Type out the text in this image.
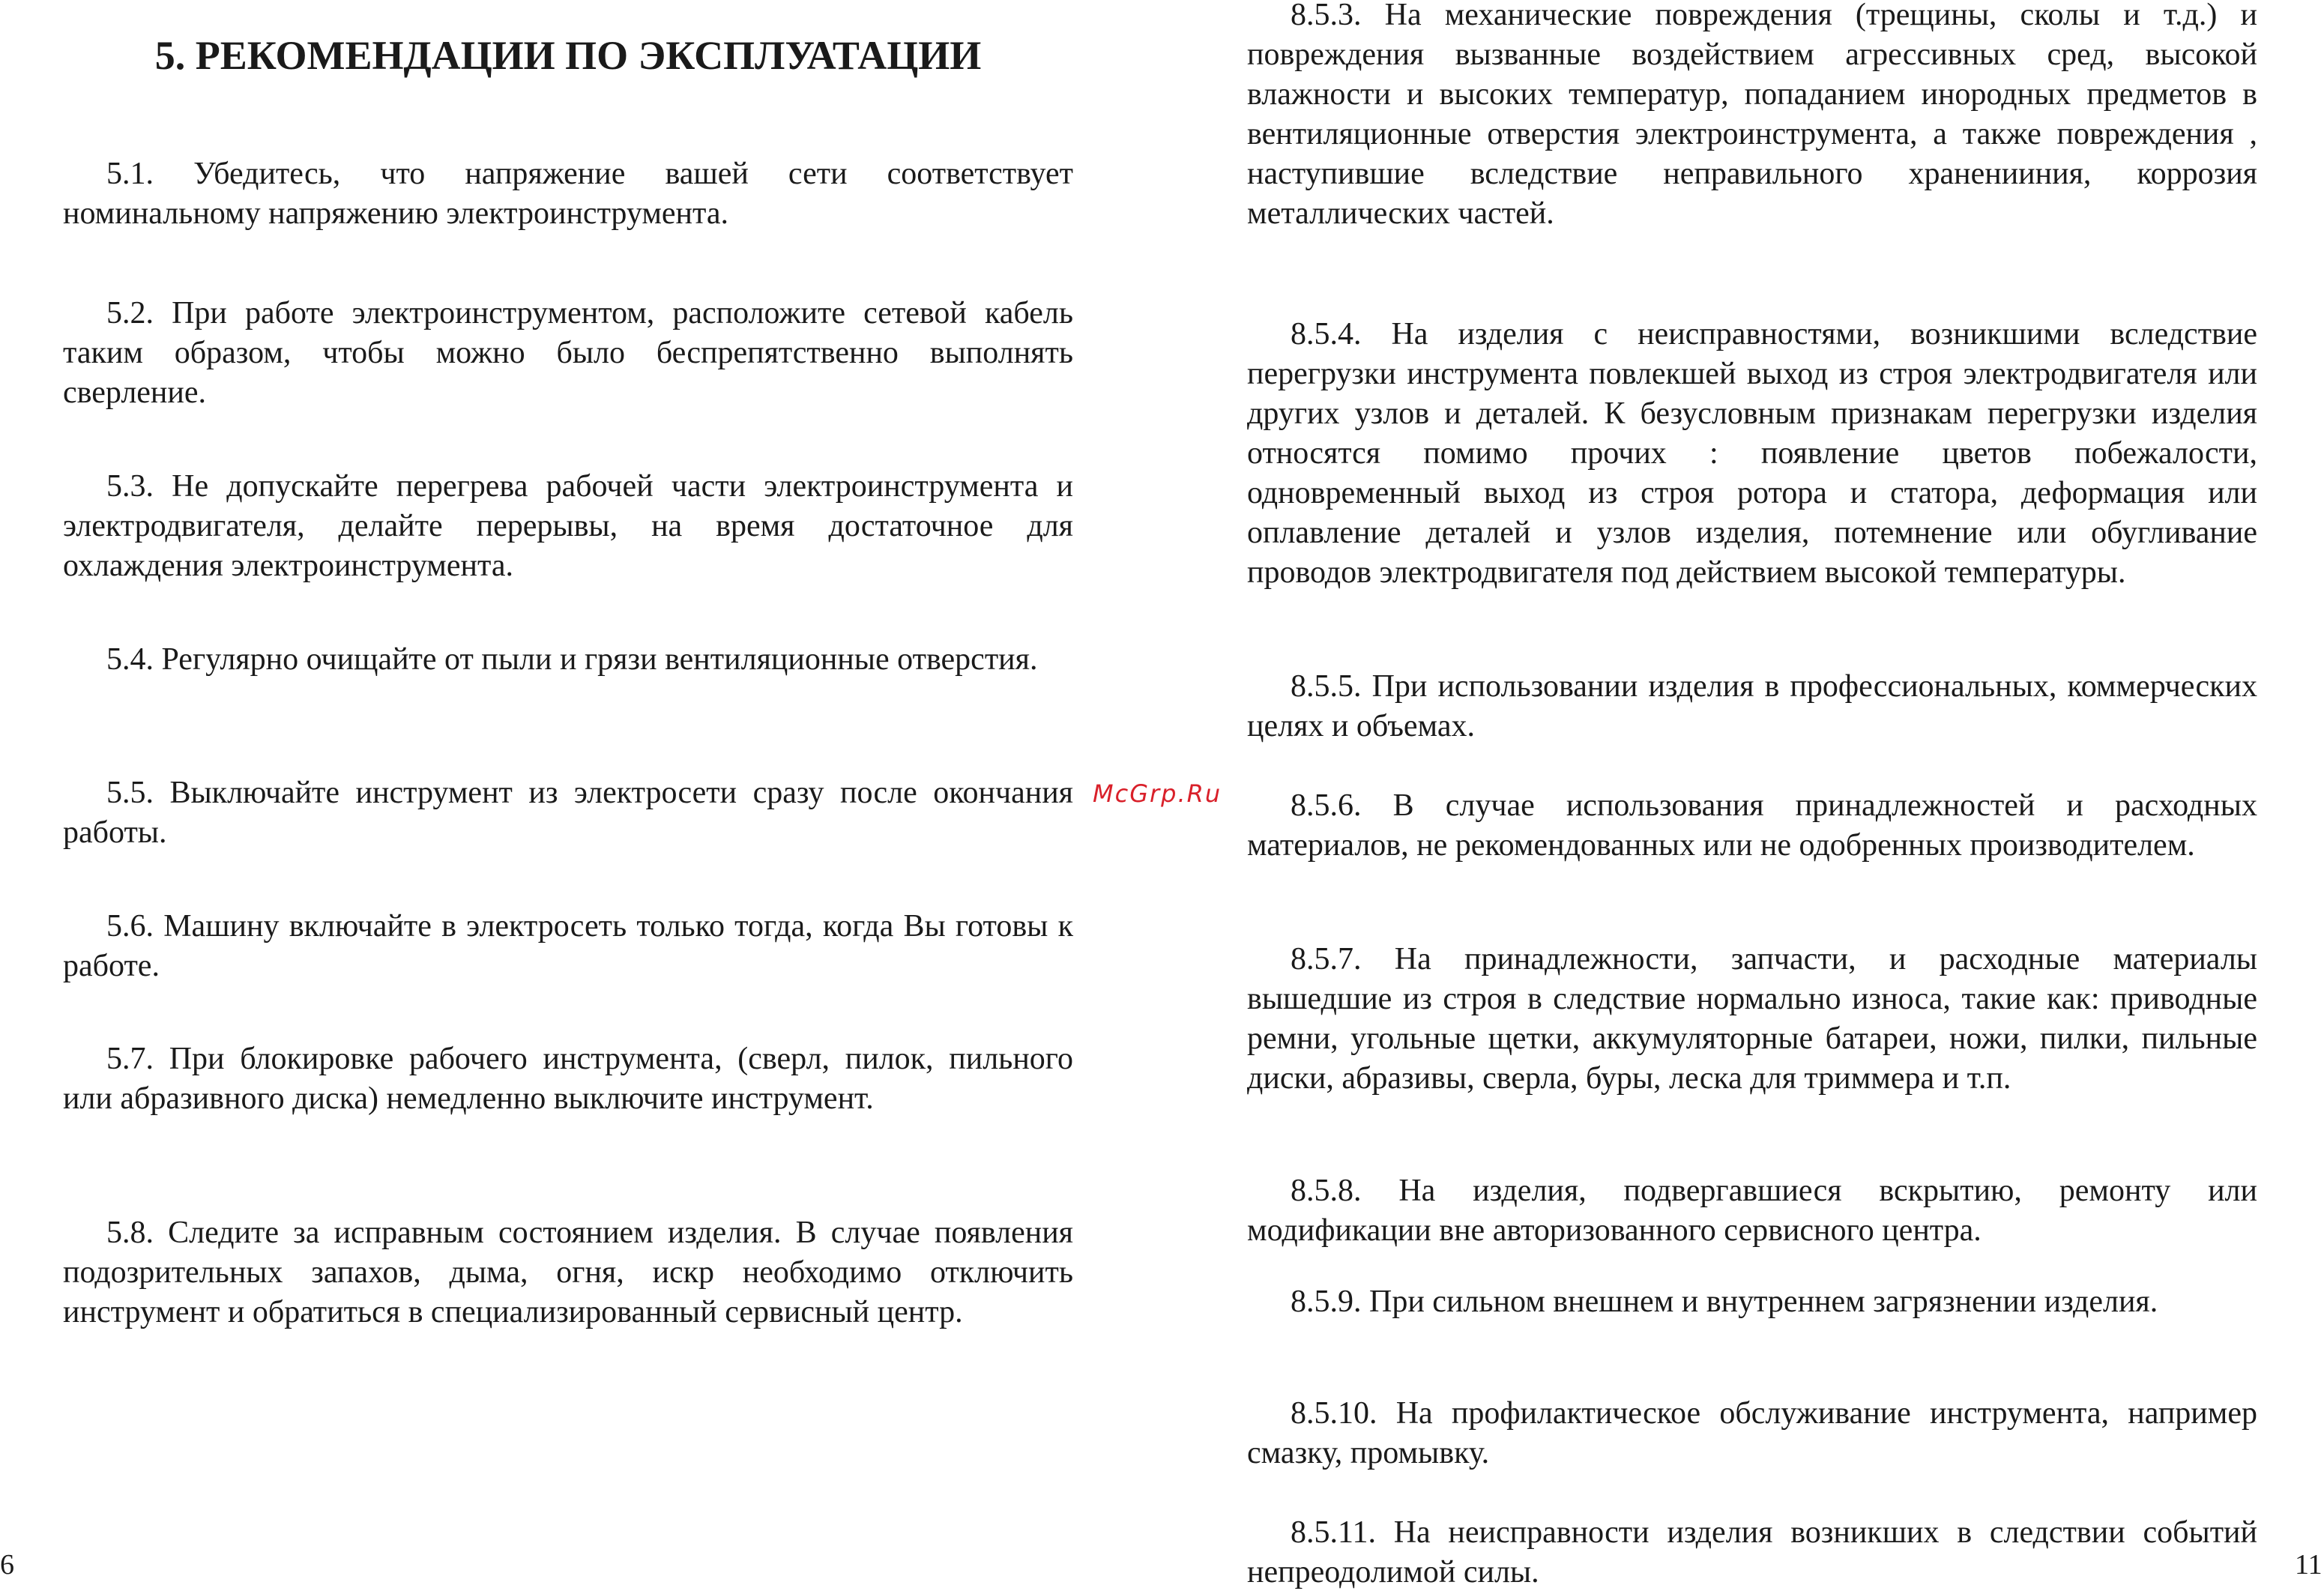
5. РЕКОМЕНДАЦИИ ПО ЭКСПЛУАТАЦИИ

5.1. Убедитесь, что напряжение вашей сети соответствует номинальному напряжению электроинструмента.

5.2. При работе электроинструментом, расположите сетевой кабель таким образом, чтобы можно было беспрепятственно выполнять сверление.

5.3. Не допускайте перегрева рабочей части электроинструмента и электродвигателя, делайте перерывы, на время достаточное для охлаждения электроинструмента.

5.4. Регулярно очищайте от пыли и грязи вентиляционные отверстия.

5.5. Выключайте инструмент из электросети сразу после окончания работы.

5.6. Машину включайте в электросеть только тогда, когда Вы готовы к работе.

5.7. При блокировке рабочего инструмента, (сверл, пилок, пильного или абразивного диска) немедленно выключите инструмент.

5.8. Следите за исправным состоянием изделия. В случае появления подозрительных запахов, дыма, огня, искр необходимо отключить инструмент и обратиться в специализированный сервисный центр.

6
McGrp.Ru

8.5.3. На механические повреждения (трещины, сколы и т.д.) и повреждения вызванные воздействием агрессивных сред, высокой влажности и высоких температур, попаданием инородных предметов в вентиляционные отверстия электроинструмента, а также повреждения , наступившие вследствие неправильного храненииния, коррозия металлических частей.

8.5.4. На изделия с неисправностями, возникшими вследствие перегрузки инструмента повлекшей выход из строя электродвигателя или других узлов и деталей. К безусловным признакам перегрузки изделия относятся помимо прочих : появление цветов побежалости, одновременный выход из строя ротора и статора, деформация или оплавление деталей и узлов изделия, потемнение или обугливание проводов электродвигателя под действием высокой температуры.

8.5.5. При использовании изделия в профессиональных, коммерческих целях и объемах.

8.5.6. В случае использования принадлежностей и расходных материалов, не рекомендованных или не одобренных производителем.

8.5.7. На принадлежности, запчасти, и расходные материалы вышедшие из строя в следствие нормально износа, такие как: приводные ремни, угольные щетки, аккумуляторные батареи, ножи, пилки, пильные диски, абразивы, сверла, буры, леска для триммера и т.п.

8.5.8. На изделия, подвергавшиеся вскрытию, ремонту или модификации вне авторизованного сервисного центра.

8.5.9. При сильном внешнем и внутреннем загрязнении изделия.

8.5.10. На профилактическое обслуживание инструмента, например смазку, промывку.

8.5.11. На неисправности изделия возникших в следствии событий непреодолимой силы.	11
